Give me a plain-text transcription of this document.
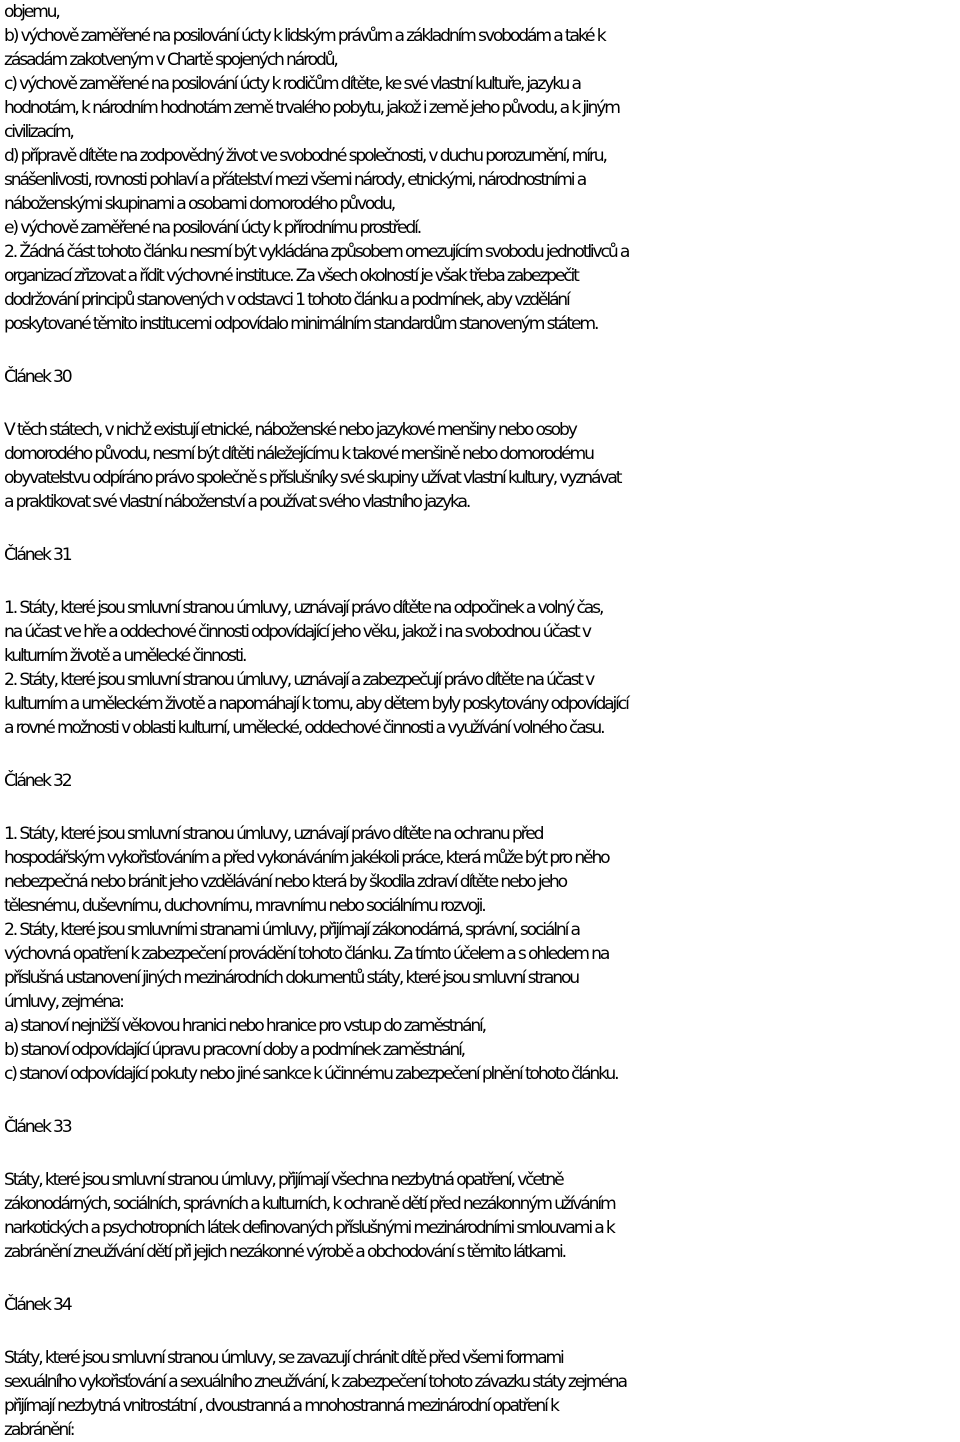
objemu,
b) výchově zaměřené na posilování úcty k lidským právům a základním svobodám a také k
zásadám zakotveným v Chartě spojených národů,
c) výchově zaměřené na posilování úcty k rodičům dítěte, ke své vlastní kultuře, jazyku a
hodnotám, k národním hodnotám země trvalého pobytu, jakož i země jeho původu, a k jiným
civilizacím,
d) přípravě dítěte na zodpovědný život ve svobodné společnosti, v duchu porozumění, míru,
snášenlivosti, rovnosti pohlaví a přátelství mezi všemi národy, etnickými, národnostními a
náboženskými skupinami a osobami domorodého původu,
e) výchově zaměřené na posilování úcty k přírodnímu prostředí.
2. Žádná část tohoto článku nesmí být vykládána způsobem omezujícím svobodu jednotlivců a
organizací zřizovat a řídit výchovné instituce. Za všech okolností je však třeba zabezpečit
dodržování principů stanovených v odstavci 1 tohoto článku a podmínek, aby vzdělání
poskytované těmito institucemi odpovídalo minimálním standardům stanoveným státem.
Článek 30
V těch státech, v nichž existují etnické, náboženské nebo jazykové menšiny nebo osoby
domorodého původu, nesmí být dítěti náležejícímu k takové menšině nebo domorodému
obyvatelstvu odpíráno právo společně s příslušníky své skupiny užívat vlastní kultury, vyznávat
a praktikovat své vlastní náboženství a používat svého vlastního jazyka.
Článek 31
1. Státy, které jsou smluvní stranou úmluvy, uznávají právo dítěte na odpočinek a volný čas,
na účast ve hře a oddechové činnosti odpovídající jeho věku, jakož i na svobodnou účast v
kulturním životě a umělecké činnosti.
2. Státy, které jsou smluvní stranou úmluvy, uznávají a zabezpečují právo dítěte na účast v
kulturním a uměleckém životě a napomáhají k tomu, aby dětem byly poskytovány odpovídající
a rovné možnosti v oblasti kulturní, umělecké, oddechové činnosti a využívání volného času.
Článek 32
1. Státy, které jsou smluvní stranou úmluvy, uznávají právo dítěte na ochranu před
hospodářským vykořisťováním a před vykonáváním jakékoli práce, která může být pro něho
nebezpečná nebo bránit jeho vzdělávání nebo která by škodila zdraví dítěte nebo jeho
tělesnému, duševnímu, duchovnímu, mravnímu nebo sociálnímu rozvoji.
2. Státy, které jsou smluvními stranami úmluvy, přijímají zákonodárná, správní, sociální a
výchovná opatření k zabezpečení provádění tohoto článku. Za tímto účelem a s ohledem na
příslušná ustanovení jiných mezinárodních dokumentů státy, které jsou smluvní stranou
úmluvy, zejména:
a) stanoví nejnižší věkovou hranici nebo hranice pro vstup do zaměstnání,
b) stanoví odpovídající úpravu pracovní doby a podmínek zaměstnání,
c) stanoví odpovídající pokuty nebo jiné sankce k účinnému zabezpečení plnění tohoto článku.
Článek 33
Státy, které jsou smluvní stranou úmluvy, přijímají všechna nezbytná opatření, včetně
zákonodárných, sociálních, správních a kulturních, k ochraně dětí před nezákonným užíváním
narkotických a psychotropních látek definovaných příslušnými mezinárodními smlouvami a k
zabránění zneužívání dětí při jejich nezákonné výrobě a obchodování s těmito látkami.
Článek 34
Státy, které jsou smluvní stranou úmluvy, se zavazují chránit dítě před všemi formami
sexuálního vykořisťování a sexuálního zneužívání, k zabezpečení tohoto závazku státy zejména
přijímají nezbytná vnitrostátní , dvoustranná a mnohostranná mezinárodní opatření k
zabránění:
